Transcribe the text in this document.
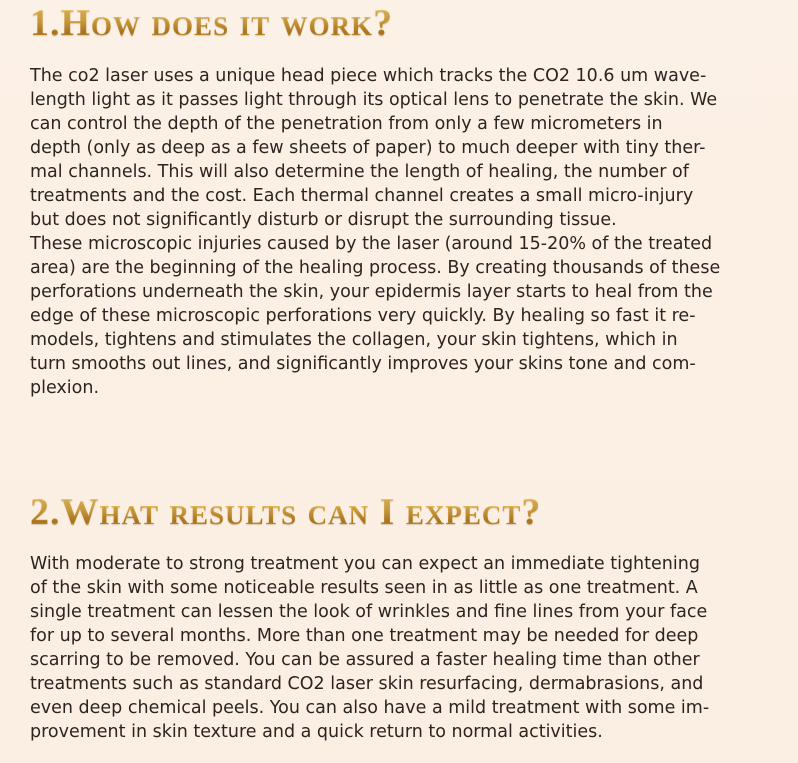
1.How does it work?

The co2 laser uses a unique head piece which tracks the CO2 10.6 um wave-
length light as it passes light through its optical lens to penetrate the skin. We
can control the depth of the penetration from only a few micrometers in
depth (only as deep as a few sheets of paper) to much deeper with tiny ther-
mal channels. This will also determine the length of healing, the number of
treatments and the cost. Each thermal channel creates a small micro-injury
but does not significantly disturb or disrupt the surrounding tissue.
These microscopic injuries caused by the laser (around 15-20% of the treated
area) are the beginning of the healing process. By creating thousands of these
perforations underneath the skin, your epidermis layer starts to heal from the
edge of these microscopic perforations very quickly. By healing so fast it re-
models, tightens and stimulates the collagen, your skin tightens, which in
turn smooths out lines, and significantly improves your skins tone and com-
plexion.

2.What results can I expect?

With moderate to strong treatment you can expect an immediate tightening
of the skin with some noticeable results seen in as little as one treatment. A
single treatment can lessen the look of wrinkles and fine lines from your face
for up to several months. More than one treatment may be needed for deep
scarring to be removed. You can be assured a faster healing time than other
treatments such as standard CO2 laser skin resurfacing, dermabrasions, and
even deep chemical peels. You can also have a mild treatment with some im-
provement in skin texture and a quick return to normal activities.
